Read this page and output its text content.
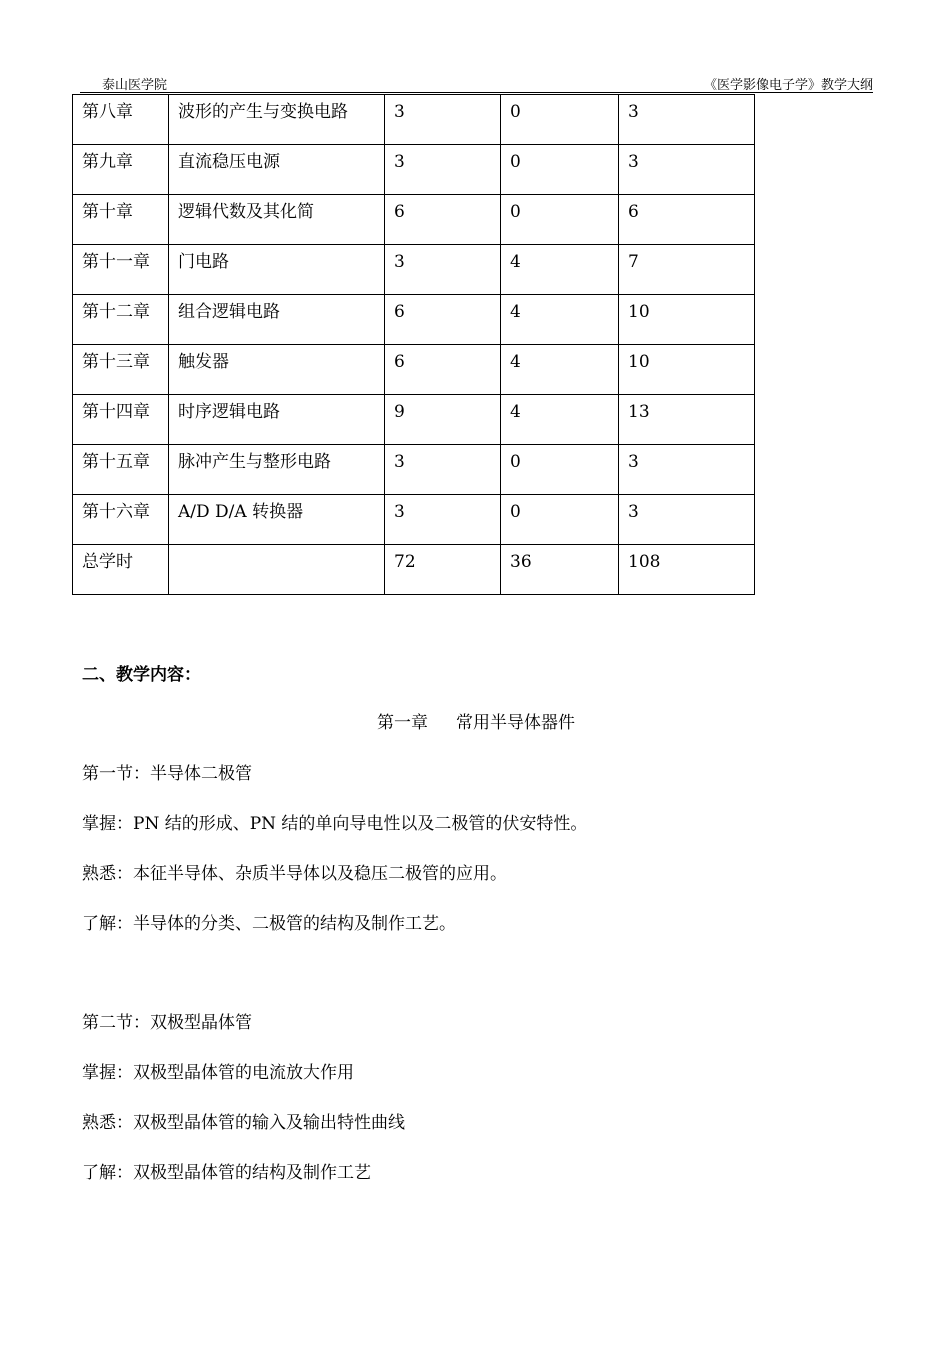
泰山医学院	《医学影像电子学》教学大纲
第八章	波形的产生与变换电路	3	0	3
第九章	直流稳压电源	3	0	3
第十章	逻辑代数及其化简	6	0	6
第十一章	门电路	3	4	7
第十二章	组合逻辑电路	6	4	10
第十三章	触发器	6	4	10
第十四章	时序逻辑电路	9	4	13
第十五章	脉冲产生与整形电路	3	0	3
第十六章	A/D D/A 转换器	3	0	3
总学时		72	36	108
二、教学内容：
第一章 常用半导体器件
第一节：半导体二极管
掌握：PN 结的形成、PN 结的单向导电性以及二极管的伏安特性。
熟悉：本征半导体、杂质半导体以及稳压二极管的应用。
了解：半导体的分类、二极管的结构及制作工艺。
第二节：双极型晶体管
掌握：双极型晶体管的电流放大作用
熟悉：双极型晶体管的输入及输出特性曲线
了解：双极型晶体管的结构及制作工艺
